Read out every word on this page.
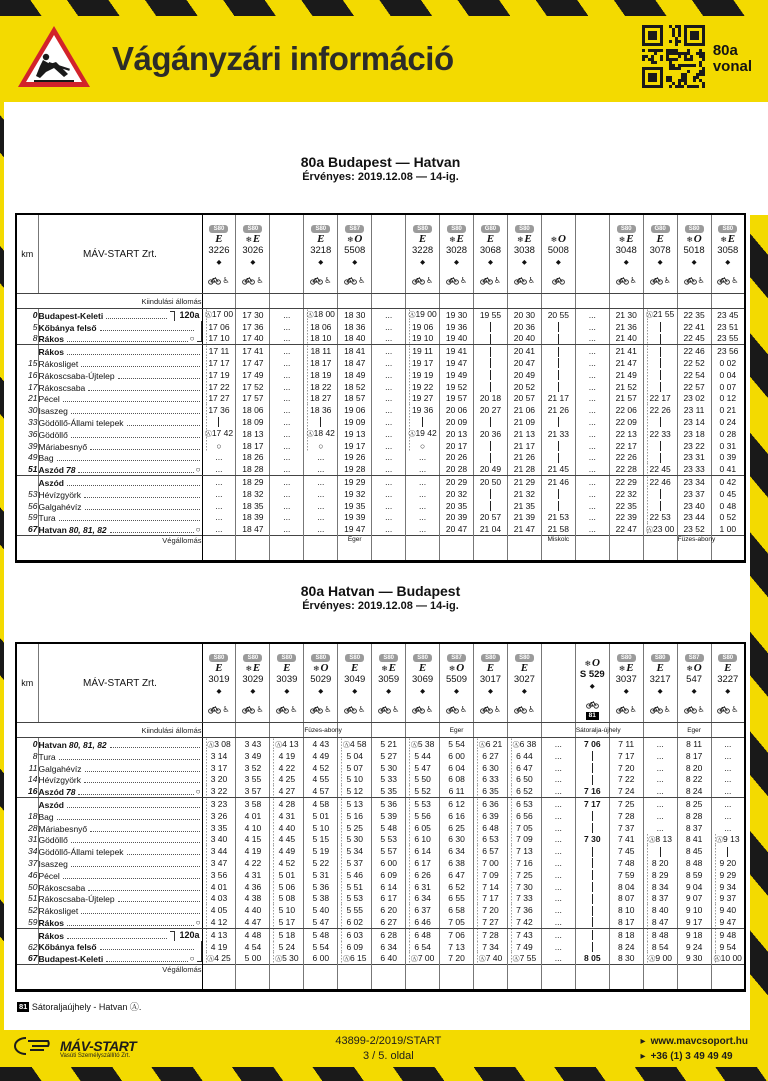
Vágányzári információ	80a
vonal
80a Budapest — Hatvan
Érvényes: 2019.12.08 — 14-ig.
km	MÁV-START Zrt.	
S80
E
3226
◆
♿

S80
❄E
3026
◆
♿

S80
E
3218
◆
♿

S87
❄O
5508
◆
♿

S80
E
3228
◆
♿

S80
❄E
3028
◆
♿

G80
E
3068
◆
♿

S80
❄E
3038
◆
♿

❄O
5008
◆

S80
❄E
3048
◆
♿

G80
E
3078
◆
♿

S80
❄O
5018
◆
♿

S80
❄E
3058
◆
♿

Kiindulási állomás																	
0	Budapest-Keleti 120a	Ⓐ17 00	17 30	...	Ⓐ18 00	18 30	...	Ⓐ19 00	19 30	19 55	20 30	20 55	...	21 30	Ⓐ21 55	22 35	23 45
5	Kőbánya felső	17 06	17 36	...	18 06	18 36	...	19 06	19 36		20 36		...	21 36		22 41	23 51
8	Rákos ○	17 10	17 40	...	18 10	18 40	...	19 10	19 40		20 40		...	21 40		22 45	23 55

	Rákos	17 11	17 41	...	18 11	18 41	...	19 11	19 41		20 41		...	21 41		22 46	23 56
15	Rákosliget	17 17	17 47	...	18 17	18 47	...	19 17	19 47		20 47		...	21 47		22 52	0 02
16	Rákoscsaba-Újtelep	17 19	17 49	...	18 19	18 49	...	19 19	19 49		20 49		...	21 49		22 54	0 04
17	Rákoscsaba	17 22	17 52	...	18 22	18 52	...	19 22	19 52		20 52		...	21 52		22 57	0 07
21	Pécel	17 27	17 57	...	18 27	18 57	...	19 27	19 57	20 18	20 57	21 17	...	21 57	22 17	23 02	0 12
30	Isaszeg	17 36	18 06	...	18 36	19 06	...	19 36	20 06	20 27	21 06	21 26	...	22 06	22 26	23 11	0 21
33	Gödöllő-Állami telepek		18 09	...		19 09	...		20 09		21 09		...	22 09		23 14	0 24
36	Gödöllő	Ⓐ17 42	18 13	...	Ⓐ18 42	19 13	...	Ⓐ19 42	20 13	20 36	21 13	21 33	...	22 13	22 33	23 18	0 28
39	Máriabesnyő	○	18 17	...	○	19 17	...	○	20 17		21 17		...	22 17		23 22	0 31
49	Bag	...	18 26	...	...	19 26	...	...	20 26		21 26		...	22 26		23 31	0 39
51	Aszód 78 ○	...	18 28	...	...	19 28	...	...	20 28	20 49	21 28	21 45	...	22 28	22 45	23 33	0 41

	Aszód	...	18 29	...	...	19 29	...	...	20 29	20 50	21 29	21 46	...	22 29	22 46	23 34	0 42
53	Hévízgyörk	...	18 32	...	...	19 32	...	...	20 32		21 32		...	22 32		23 37	0 45
56	Galgahévíz	...	18 35	...	...	19 35	...	...	20 35		21 35		...	22 35		23 40	0 48
59	Tura	...	18 39	...	...	19 39	...	...	20 39	20 57	21 39	21 53	...	22 39	22 53	23 44	0 52
67	Hatvan 80, 81, 82 ○	...	18 47	...	...	19 47	...	...	20 47	21 04	21 47	21 58	...	22 47	Ⓐ23 00	23 52	1 00
Végállomás						Eger						Miskolc				Füzes-abony	
80a Hatvan — Budapest
Érvényes: 2019.12.08 — 14-ig.
km	MÁV-START Zrt.	
S80
E
3019
◆
♿

S80
❄E
3029
◆
♿

S80
E
3039
◆
♿

S80
❄O
5029
◆
♿

S80
E
3049
◆
♿

S80
❄E
3059
◆
♿

S80
E
3069
◆
♿

S87
❄O
5509
◆
♿

S80
E
3017
◆
♿

S80
E
3027
◆
♿

❄O
S 529
◆
81

S80
❄E
3037
◆
♿

S80
E
3217
◆
♿

S87
❄O
547
◆
♿

S80
E
3227
◆
♿

Kiindulási állomás					Füzes-abony				Eger				Sátoralja-újhely			Eger	
0	Hatvan 80, 81, 82	Ⓐ3 08	3 43	Ⓐ4 13	4 43	Ⓐ4 58	5 21	Ⓐ5 38	5 54	Ⓐ6 21	Ⓐ6 38	...	7 06	7 11	...	8 11	...
8	Tura	3 14	3 49	4 19	4 49	5 04	5 27	5 44	6 00	6 27	6 44	...		7 17	...	8 17	...
11	Galgahévíz	3 17	3 52	4 22	4 52	5 07	5 30	5 47	6 04	6 30	6 47	...		7 20	...	8 20	...
14	Hévízgyörk	3 20	3 55	4 25	4 55	5 10	5 33	5 50	6 08	6 33	6 50	...		7 22	...	8 22	...
16	Aszód 78 ○	3 22	3 57	4 27	4 57	5 12	5 35	5 52	6 11	6 35	6 52	...	7 16	7 24	...	8 24	...

	Aszód	3 23	3 58	4 28	4 58	5 13	5 36	5 53	6 12	6 36	6 53	...	7 17	7 25	...	8 25	...
18	Bag	3 26	4 01	4 31	5 01	5 16	5 39	5 56	6 16	6 39	6 56	...		7 28	...	8 28	...
28	Máriabesnyő	3 35	4 10	4 40	5 10	5 25	5 48	6 05	6 25	6 48	7 05	...		7 37	...	8 37	...
31	Gödöllő	3 40	4 15	4 45	5 15	5 30	5 53	6 10	6 30	6 53	7 09	...	7 30	7 41	Ⓐ8 13	8 41	Ⓐ9 13
34	Gödöllő-Állami telepek	3 44	4 19	4 49	5 19	5 34	5 57	6 14	6 34	6 57	7 13	...		7 45		8 45	
37	Isaszeg	3 47	4 22	4 52	5 22	5 37	6 00	6 17	6 38	7 00	7 16	...		7 48	8 20	8 48	9 20
46	Pécel	3 56	4 31	5 01	5 31	5 46	6 09	6 26	6 47	7 09	7 25	...		7 59	8 29	8 59	9 29
50	Rákoscsaba	4 01	4 36	5 06	5 36	5 51	6 14	6 31	6 52	7 14	7 30	...		8 04	8 34	9 04	9 34
51	Rákoscsaba-Újtelep	4 03	4 38	5 08	5 38	5 53	6 17	6 34	6 55	7 17	7 33	...		8 07	8 37	9 07	9 37
52	Rákosliget	4 05	4 40	5 10	5 40	5 55	6 20	6 37	6 58	7 20	7 36	...		8 10	8 40	9 10	9 40
59	Rákos ○	4 12	4 47	5 17	5 47	6 02	6 27	6 46	7 05	7 27	7 42	...		8 17	8 47	9 17	9 47

	Rákos 120a	4 13	4 48	5 18	5 48	6 03	6 28	6 48	7 06	7 28	7 43	...		8 18	8 48	9 18	9 48
62	Kőbánya felső	4 19	4 54	5 24	5 54	6 09	6 34	6 54	7 13	7 34	7 49	...		8 24	8 54	9 24	9 54
67	Budapest-Keleti ○	Ⓐ4 25	5 00	Ⓐ5 30	6 00	Ⓐ6 15	6 40	Ⓐ7 00	7 20	Ⓐ7 40	Ⓐ7 55	...	8 05	8 30	Ⓐ9 00	9 30	Ⓐ10 00
Végállomás																	
81 Sátoraljaújhely - Hatvan Ⓐ.
MÁV-START
Vasúti Személyszállító Zrt.
43899-2/2019/START
3 / 5. oldal
▸ www.mavcsoport.hu
▸ +36 (1) 3 49 49 49
